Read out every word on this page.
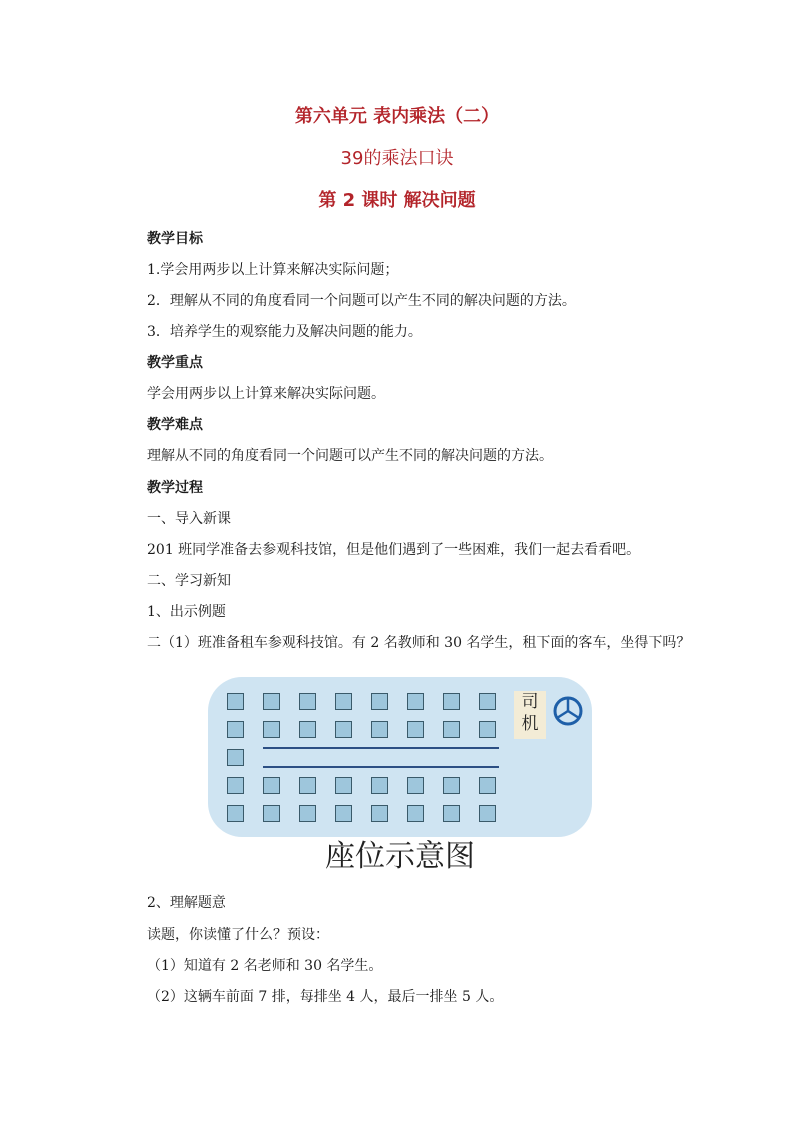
第六单元 表内乘法（二）
39的乘法口诀
第 2 课时 解决问题
教学目标
1.学会用两步以上计算来解决实际问题；
2．理解从不同的角度看同一个问题可以产生不同的解决问题的方法。
3．培养学生的观察能力及解决问题的能力。
教学重点
学会用两步以上计算来解决实际问题。
教学难点
理解从不同的角度看同一个问题可以产生不同的解决问题的方法。
教学过程
一、导入新课
201 班同学准备去参观科技馆，但是他们遇到了一些困难，我们一起去看看吧。
二、学习新知
1、出示例题
二（1）班准备租车参观科技馆。有 2 名教师和 30 名学生，租下面的客车，坐得下吗？
司
机
座位示意图
2、理解题意
读题，你读懂了什么？预设：
（1）知道有 2 名老师和 30 名学生。
（2）这辆车前面 7 排，每排坐 4 人，最后一排坐 5 人。
